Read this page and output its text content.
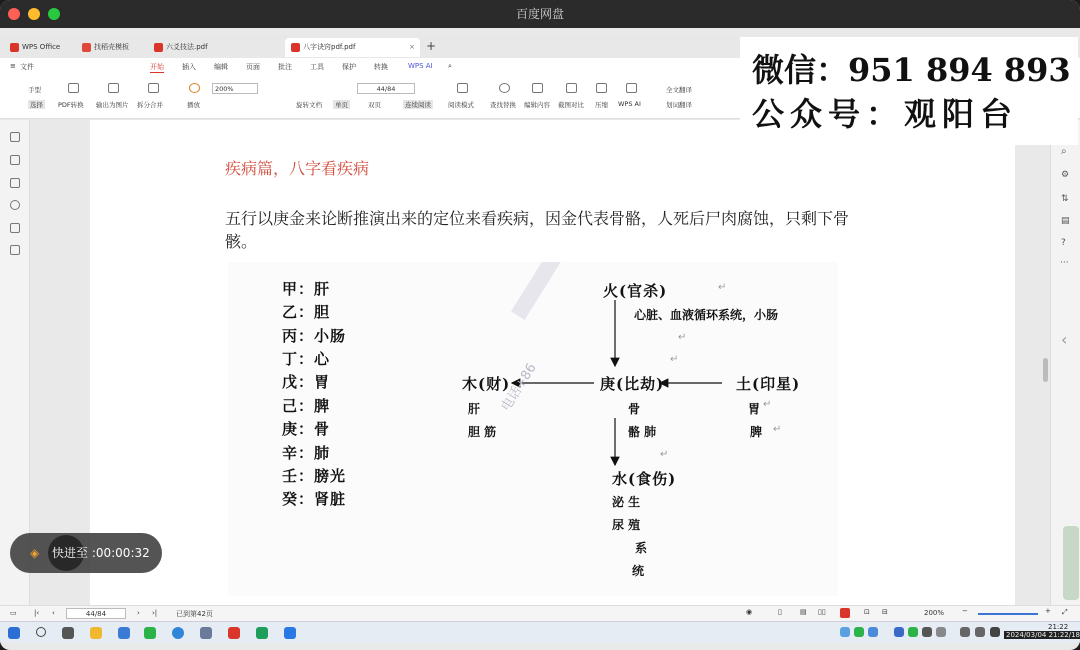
百度网盘
WPS Office	找稻壳模板	六爻技法.pdf	八字诀窍pdf.pdf	× +
≡ 文件	开始	插入	编辑	页面	批注	工具	保护	转换	WPS AI ⌕
手型
选择	PDF转换 输出为图片 拆分合并	播放
200%
旋转文档	单页
44/84
双页	连续阅读	阅读模式 查找替换 编辑内容 截图对比 压缩 WPS AI
全文翻译
划词翻译
疾病篇，八字看疾病
五行以庚金来论断推演出来的定位来看疾病，因金代表骨骼，人死后尸肉腐蚀，只剩下骨骸。
甲：肝
乙：胆
丙：小肠
丁：心
戊：胃
己：脾
庚：骨
辛：肺
壬：膀光
癸：肾脏
电话+86
火(官杀)
心脏、血液循环系统，小肠
↵
↵
↵
木(财)
肝
胆 筋
庚(比劫)
骨
骼 肺
土(印星)
胃
脾
↵
↵
↵
水(食伤)
泌 生
尿 殖
系
统
⌕
⚙
⇅
▤
?
···
‹
微信：951 894 893
公众号：观阳台
◈ 快进至 :00:00:32
▭ |‹ ‹	44/84	› ›|	已到第42页	◉	▯	▤ ▯▯	⊡ ⊟	200%	−	+ ⤢
21:22
2024/03/04 21:22/18
